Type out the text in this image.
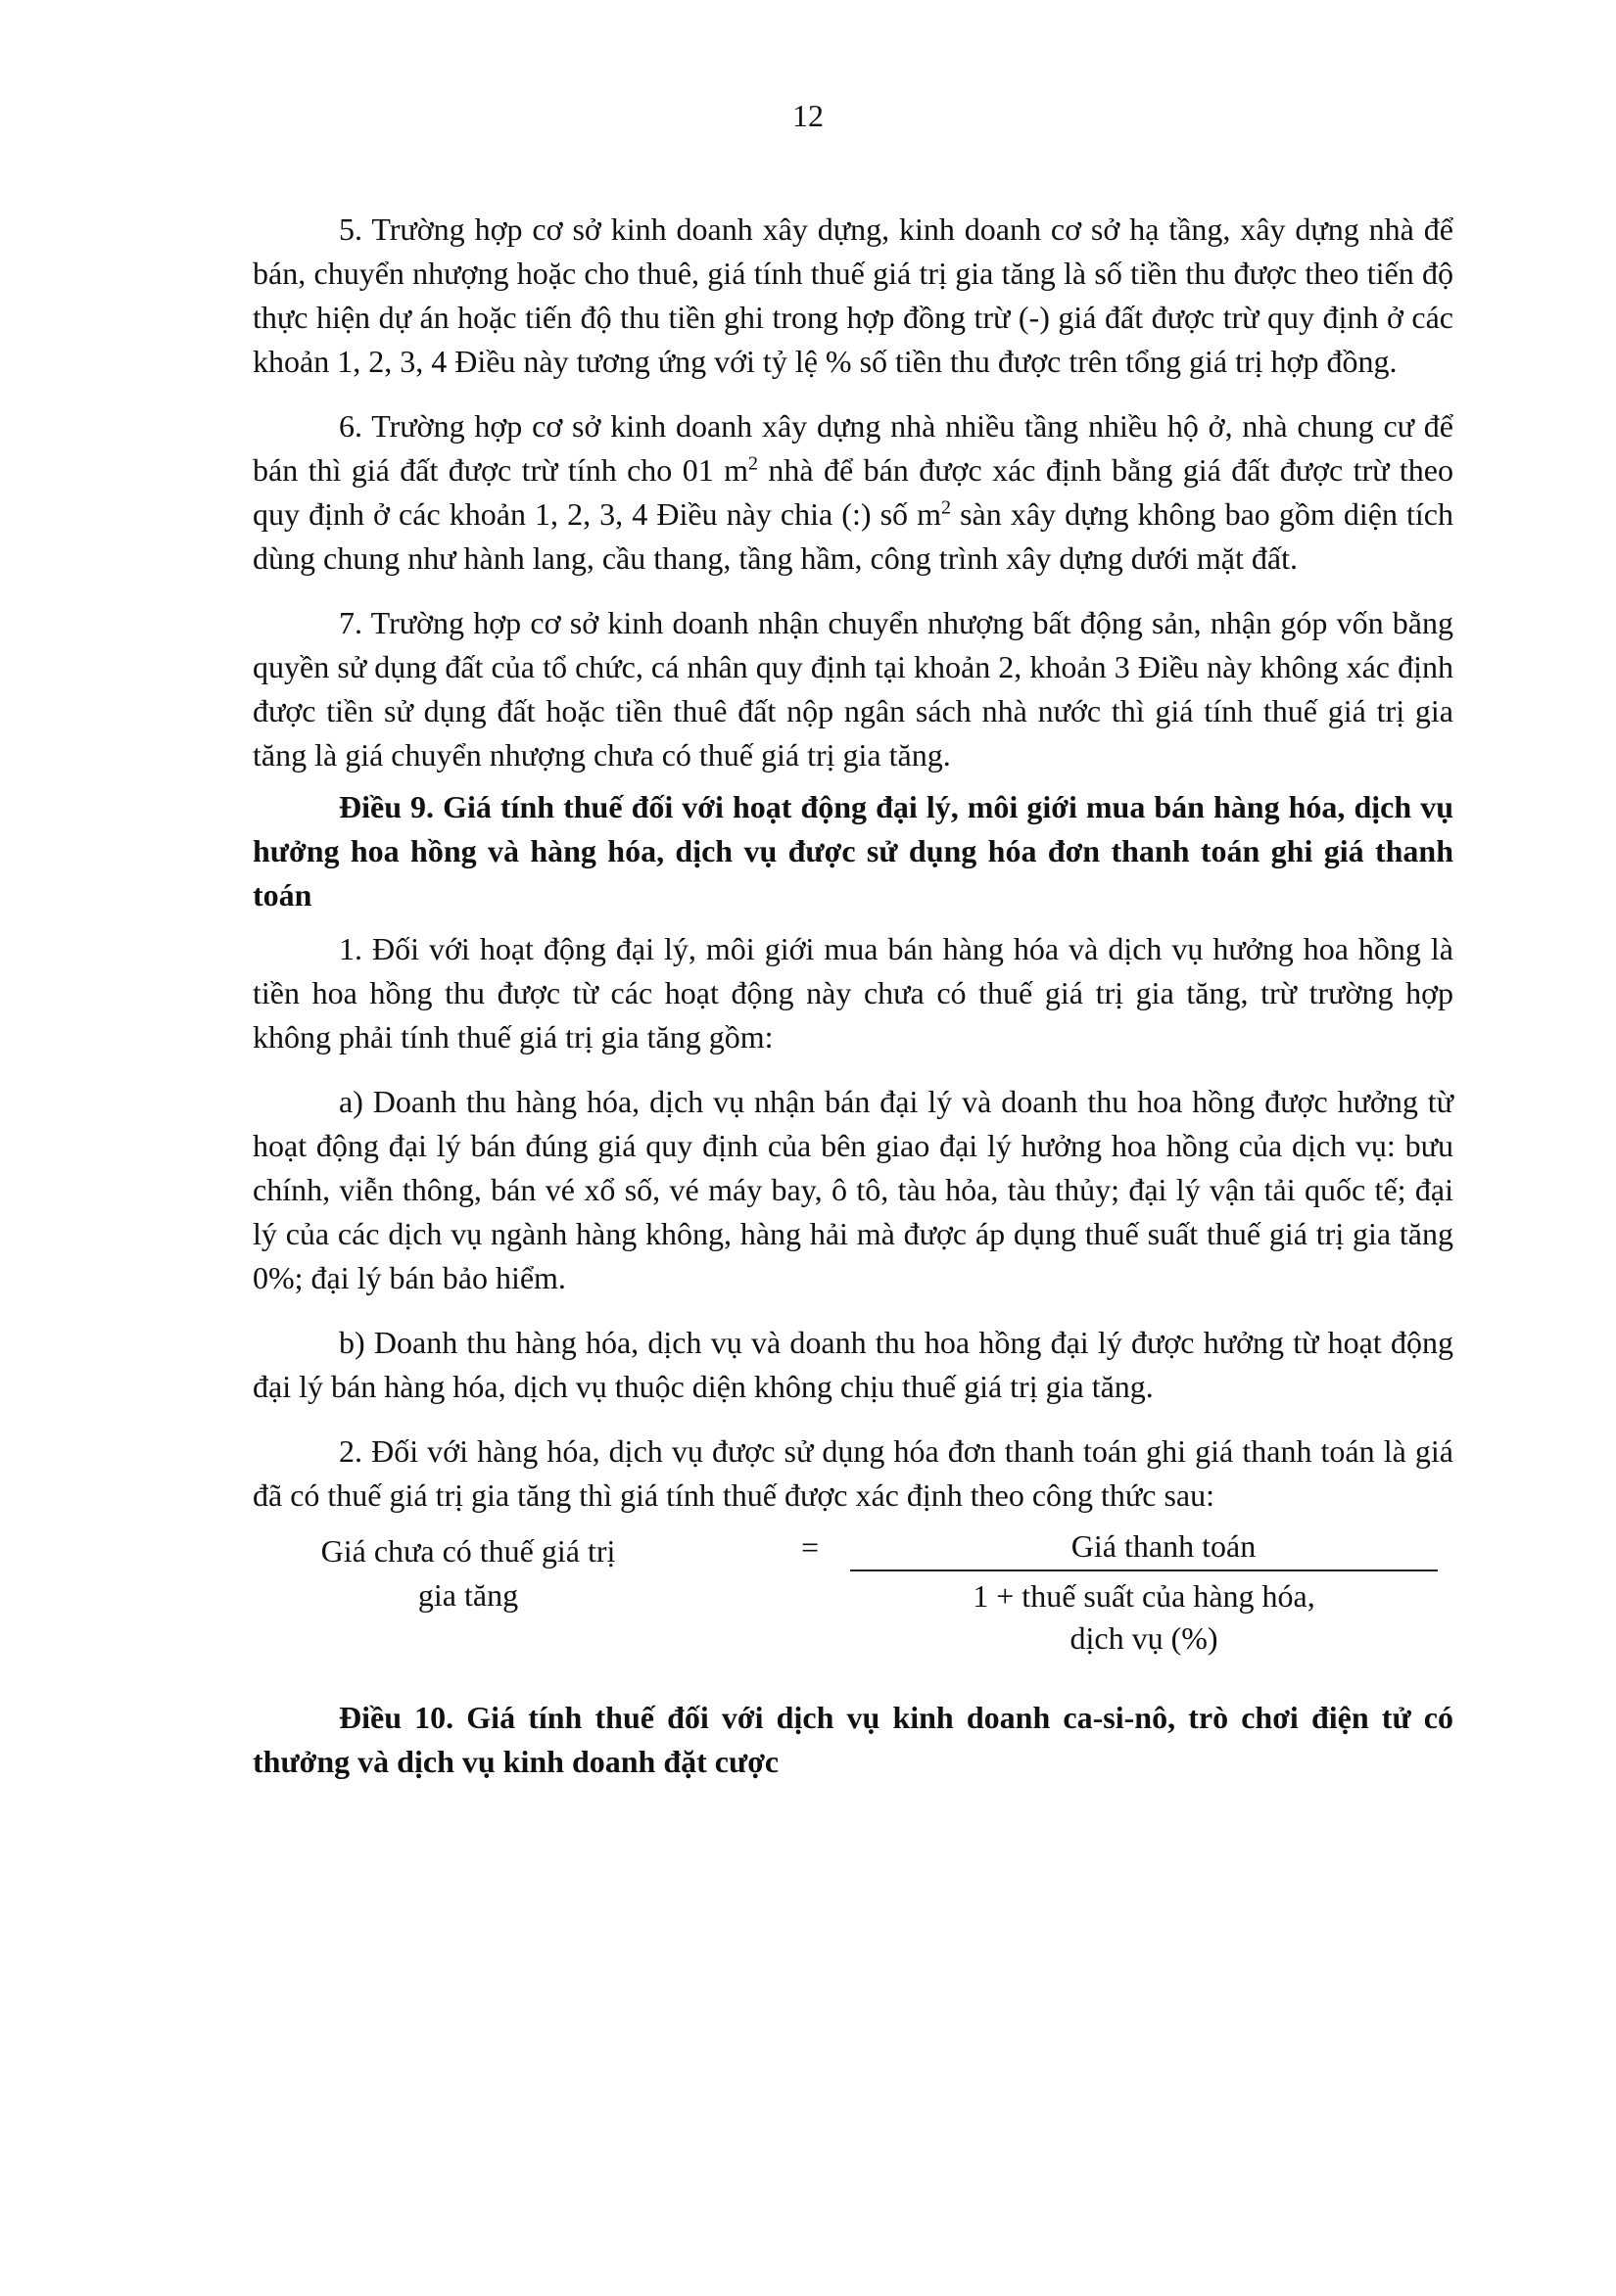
12

5. Trường hợp cơ sở kinh doanh xây dựng, kinh doanh cơ sở hạ tầng, xây dựng nhà để bán, chuyển nhượng hoặc cho thuê, giá tính thuế giá trị gia tăng là số tiền thu được theo tiến độ thực hiện dự án hoặc tiến độ thu tiền ghi trong hợp đồng trừ (-) giá đất được trừ quy định ở các khoản 1, 2, 3, 4 Điều này tương ứng với tỷ lệ % số tiền thu được trên tổng giá trị hợp đồng.

6. Trường hợp cơ sở kinh doanh xây dựng nhà nhiều tầng nhiều hộ ở, nhà chung cư để bán thì giá đất được trừ tính cho 01 $m^2$ nhà để bán được xác định bằng giá đất được trừ theo quy định ở các khoản 1, 2, 3, 4 Điều này chia (:) số $m^2$ sàn xây dựng không bao gồm diện tích dùng chung như hành lang, cầu thang, tầng hầm, công trình xây dựng dưới mặt đất.

7. Trường hợp cơ sở kinh doanh nhận chuyển nhượng bất động sản, nhận góp vốn bằng quyền sử dụng đất của tổ chức, cá nhân quy định tại khoản 2, khoản 3 Điều này không xác định được tiền sử dụng đất hoặc tiền thuê đất nộp ngân sách nhà nước thì giá tính thuế giá trị gia tăng là giá chuyển nhượng chưa có thuế giá trị gia tăng.

Điều 9. Giá tính thuế đối với hoạt động đại lý, môi giới mua bán hàng hóa, dịch vụ hưởng hoa hồng và hàng hóa, dịch vụ được sử dụng hóa đơn thanh toán ghi giá thanh toán

1. Đối với hoạt động đại lý, môi giới mua bán hàng hóa và dịch vụ hưởng hoa hồng là tiền hoa hồng thu được từ các hoạt động này chưa có thuế giá trị gia tăng, trừ trường hợp không phải tính thuế giá trị gia tăng gồm:

a) Doanh thu hàng hóa, dịch vụ nhận bán đại lý và doanh thu hoa hồng được hưởng từ hoạt động đại lý bán đúng giá quy định của bên giao đại lý hưởng hoa hồng của dịch vụ: bưu chính, viễn thông, bán vé xổ số, vé máy bay, ô tô, tàu hỏa, tàu thủy; đại lý vận tải quốc tế; đại lý của các dịch vụ ngành hàng không, hàng hải mà được áp dụng thuế suất thuế giá trị gia tăng 0%; đại lý bán bảo hiểm.

b) Doanh thu hàng hóa, dịch vụ và doanh thu hoa hồng đại lý được hưởng từ hoạt động đại lý bán hàng hóa, dịch vụ thuộc diện không chịu thuế giá trị gia tăng.

2. Đối với hàng hóa, dịch vụ được sử dụng hóa đơn thanh toán ghi giá thanh toán là giá đã có thuế giá trị gia tăng thì giá tính thuế được xác định theo công thức sau:

Giá chưa có thuế giá trị
gia tăng
=	Giá thanh toán
1 + thuế suất của hàng hóa,
dịch vụ (%)

Điều 10. Giá tính thuế đối với dịch vụ kinh doanh ca-si-nô, trò chơi điện tử có thưởng và dịch vụ kinh doanh đặt cược
